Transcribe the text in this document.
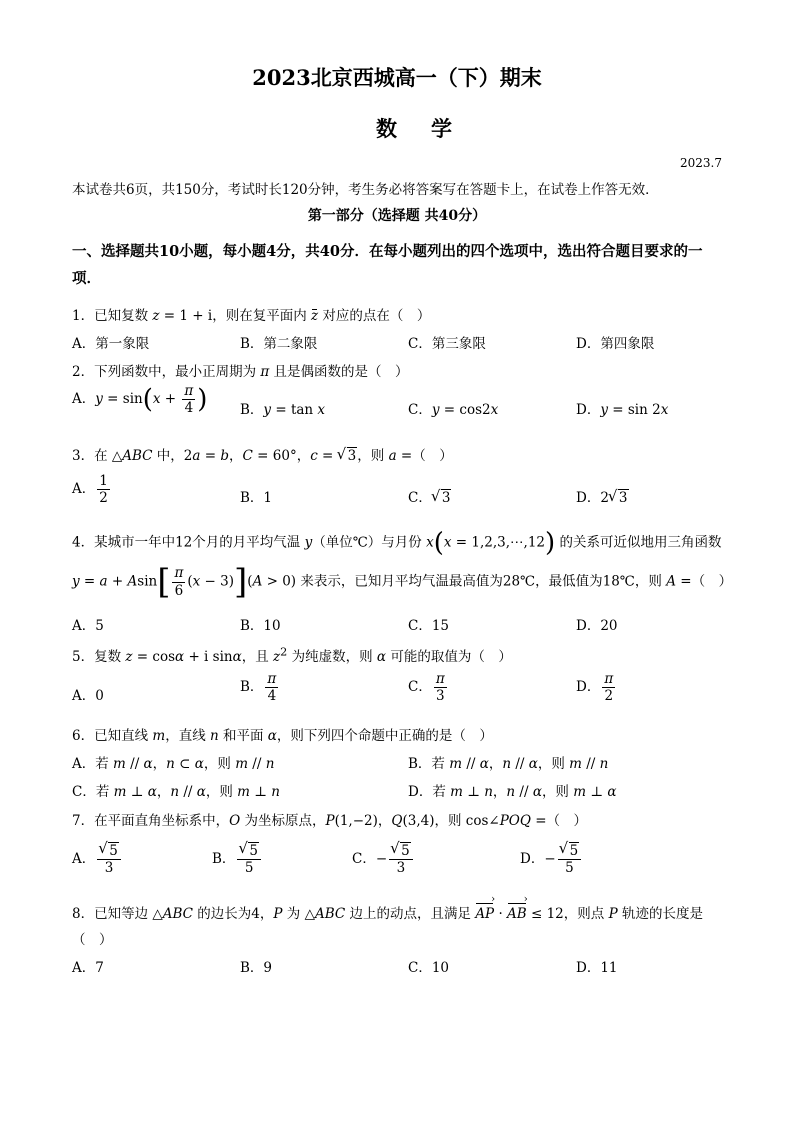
2023北京西城高一（下）期末
数学
2023.7
本试卷共6页，共150分，考试时长120分钟，考生务必将答案写在答题卡上，在试卷上作答无效．
第一部分（选择题 共40分）
一、选择题共10小题，每小题4分，共40分．在每小题列出的四个选项中，选出符合题目要求的一项．
1．已知复数 z = 1 + i，则在复平面内 z 对应的点在（　）
A．第一象限	B．第二象限	C．第三象限	D．第四象限
2．下列函数中，最小正周期为 π 且是偶函数的是（　）
A．$y = \sin(x + \frac{\pi}{4}$ ) B．y = tan x	C．y = cos2x	D．y = sin 2x
3．在 △ABC 中，2a = b，C = 60°，c = √ 3，则 a =（　）
A． $\frac{1}{2}$	B．1	C． √ 3	D．2 √ 3
4．某城市一年中12个月的月平均气温 y（单位℃）与月份 x(x = 1,2,3,⋯,12) 的关系可近似地用三角函数
$y = a + Asin[ \frac{\pi}{6} (x - 3)](A > 0)$ 来表示，已知月平均气温最高值为28℃，最低值为18℃，则 A =（　）
A．5	B．10	C．15	D．20
5．复数 z = cosα + i sinα，且 $z^2$ 为纯虚数，则 α 可能的取值为（　）
A．0
B． $\frac{\pi}{4}$	C． $\frac{\pi}{3}$	D． $\frac{\pi}{2}$
6．已知直线 m，直线 n 和平面 α，则下列四个命题中正确的是（　）
A．若 m // α，n ⊂ α，则 m // n	B．若 m // α，n // α，则 m // n
C．若 m ⊥ α，n // α，则 m ⊥ n	D．若 m ⊥ n，n // α，则 m ⊥ α
7．在平面直角坐标系中，O 为坐标原点，P(1,−2)，Q(3,4)，则 cos∠POQ =（　）
A． √ $\frac{5}{3}$	B． √ $\frac{5}{5}$	C．− √ $\frac{5}{3}$	D．− √ $\frac{5}{5}$
8．已知等边 △ABC 的边长为4，P 为 △ABC 边上的动点，且满足 AP › · AB › ≤ 12，则点 P 轨迹的长度是
（　）
A．7	B．9	C．10	D．11
